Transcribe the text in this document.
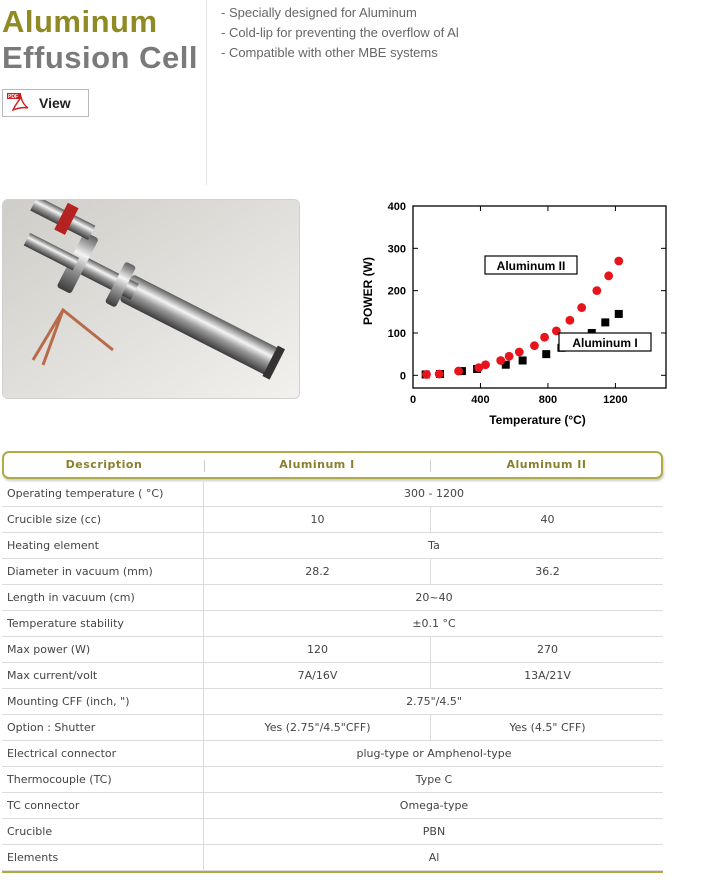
Aluminum
Effusion Cell
- Specially designed for Aluminum
- Cold-lip for preventing the overflow of Al
- Compatible with other MBE systems
PDF View
0	400	800	1200
0
100
200
300
400
Temperature (°C)
POWER (W)	Aluminum II
Aluminum I
Description	Aluminum I	Aluminum II
Operating temperature ( °C)	300 - 1200
Crucible size (cc)	10	40
Heating element	Ta
Diameter in vacuum (mm)	28.2	36.2
Length in vacuum (cm)	20~40
Temperature stability	±0.1 °C
Max power (W)	120	270
Max current/volt	7A/16V	13A/21V
Mounting CFF (inch, ")	2.75"/4.5"
Option : Shutter	Yes (2.75"/4.5"CFF)	Yes (4.5" CFF)
Electrical connector	plug-type or Amphenol-type
Thermocouple (TC)	Type C
TC connector	Omega-type
Crucible	PBN
Elements	Al
